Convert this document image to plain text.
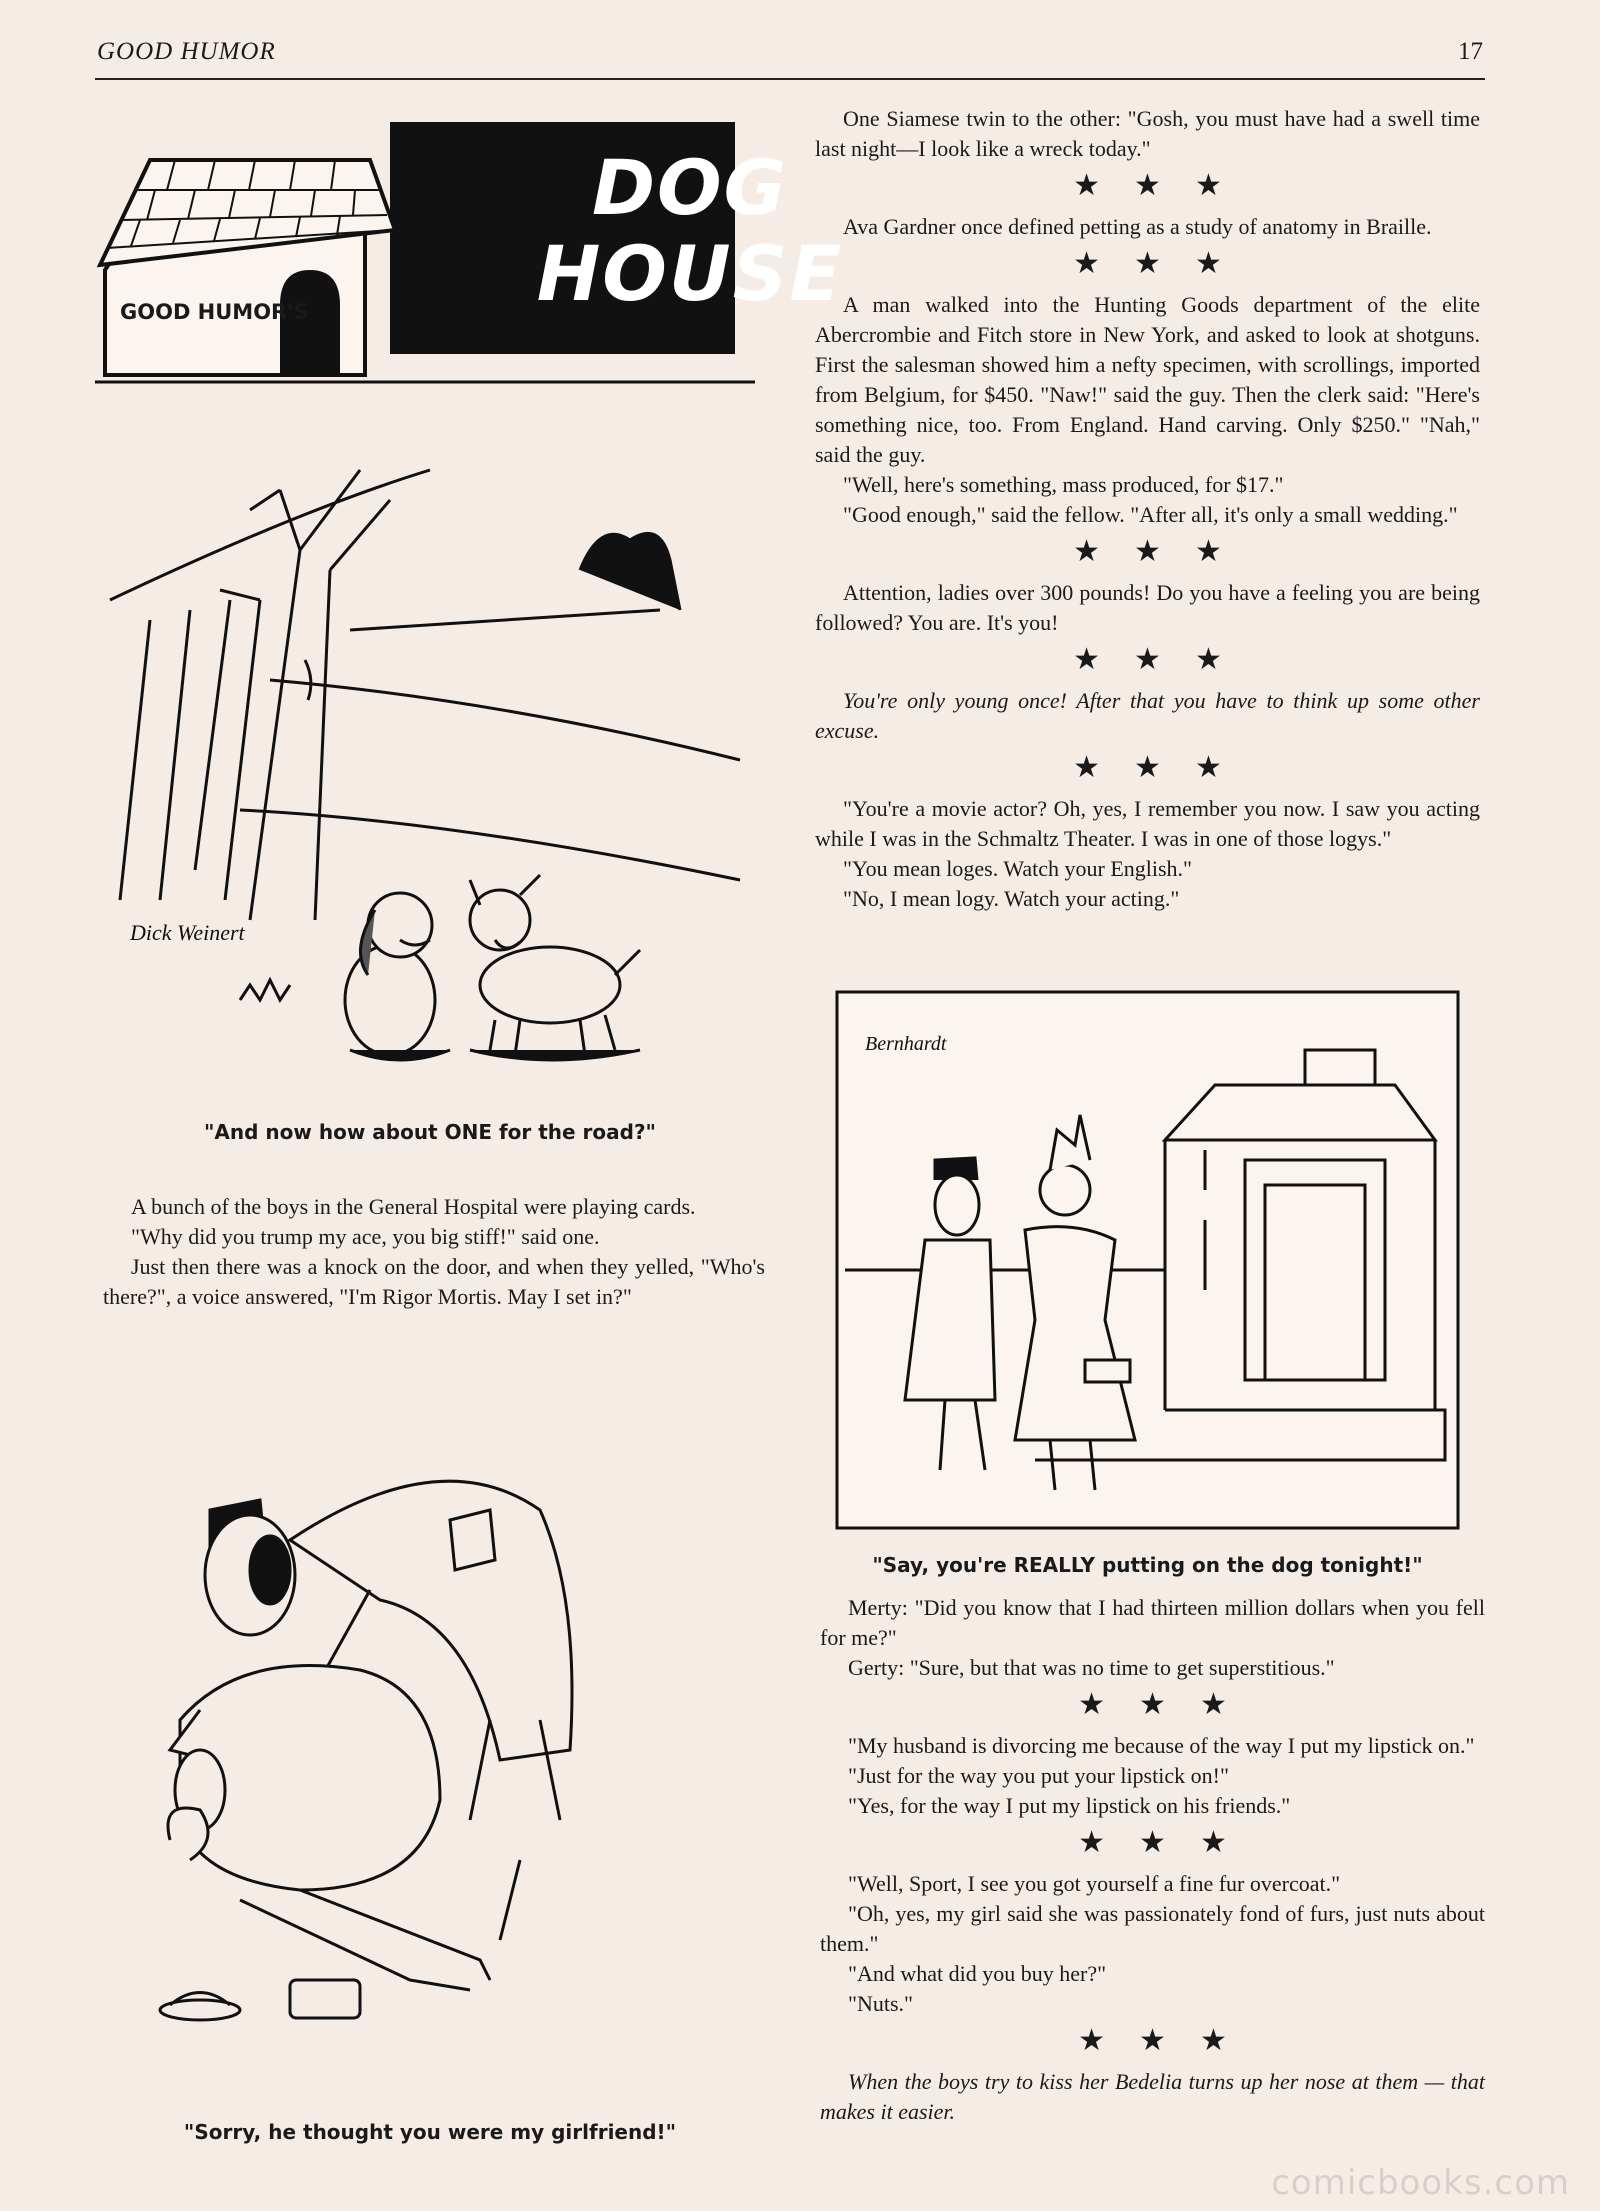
GOOD HUMOR	17
DOG
HOUSE
GOOD HUMOR'S
Dick Weinert
"And now how about ONE for the road?"

A bunch of the boys in the General Hospital were playing cards.

"Why did you trump my ace, you big stiff!" said one.

Just then there was a knock on the door, and when they yelled, "Who's there?", a voice answered, "I'm Rigor Mortis. May I set in?"

"Sorry, he thought you were my girlfriend!"

One Siamese twin to the other: "Gosh, you must have had a swell time last night—I look like a wreck today."

★★★

Ava Gardner once defined petting as a study of anatomy in Braille.

★★★

A man walked into the Hunting Goods department of the elite Abercrombie and Fitch store in New York, and asked to look at shotguns. First the salesman showed him a nefty specimen, with scrollings, imported from Belgium, for $450. "Naw!" said the guy. Then the clerk said: "Here's something nice, too. From England. Hand carving. Only $250." "Nah," said the guy.

"Well, here's something, mass produced, for $17."

"Good enough," said the fellow. "After all, it's only a small wedding."

★★★

Attention, ladies over 300 pounds! Do you have a feeling you are being followed? You are. It's you!

★★★

You're only young once! After that you have to think up some other excuse.

★★★

"You're a movie actor? Oh, yes, I remember you now. I saw you acting while I was in the Schmaltz Theater. I was in one of those logys."

"You mean loges. Watch your English."

"No, I mean logy. Watch your acting."

Bernhardt
"Say, you're REALLY putting on the dog tonight!"

Merty: "Did you know that I had thirteen million dollars when you fell for me?"

Gerty: "Sure, but that was no time to get superstitious."

★★★

"My husband is divorcing me because of the way I put my lipstick on."

"Just for the way you put your lipstick on!"

"Yes, for the way I put my lipstick on his friends."

★★★

"Well, Sport, I see you got yourself a fine fur overcoat."

"Oh, yes, my girl said she was passionately fond of furs, just nuts about them."

"And what did you buy her?"

"Nuts."

★★★

When the boys try to kiss her Bedelia turns up her nose at them — that makes it easier.

comicbooks.com
